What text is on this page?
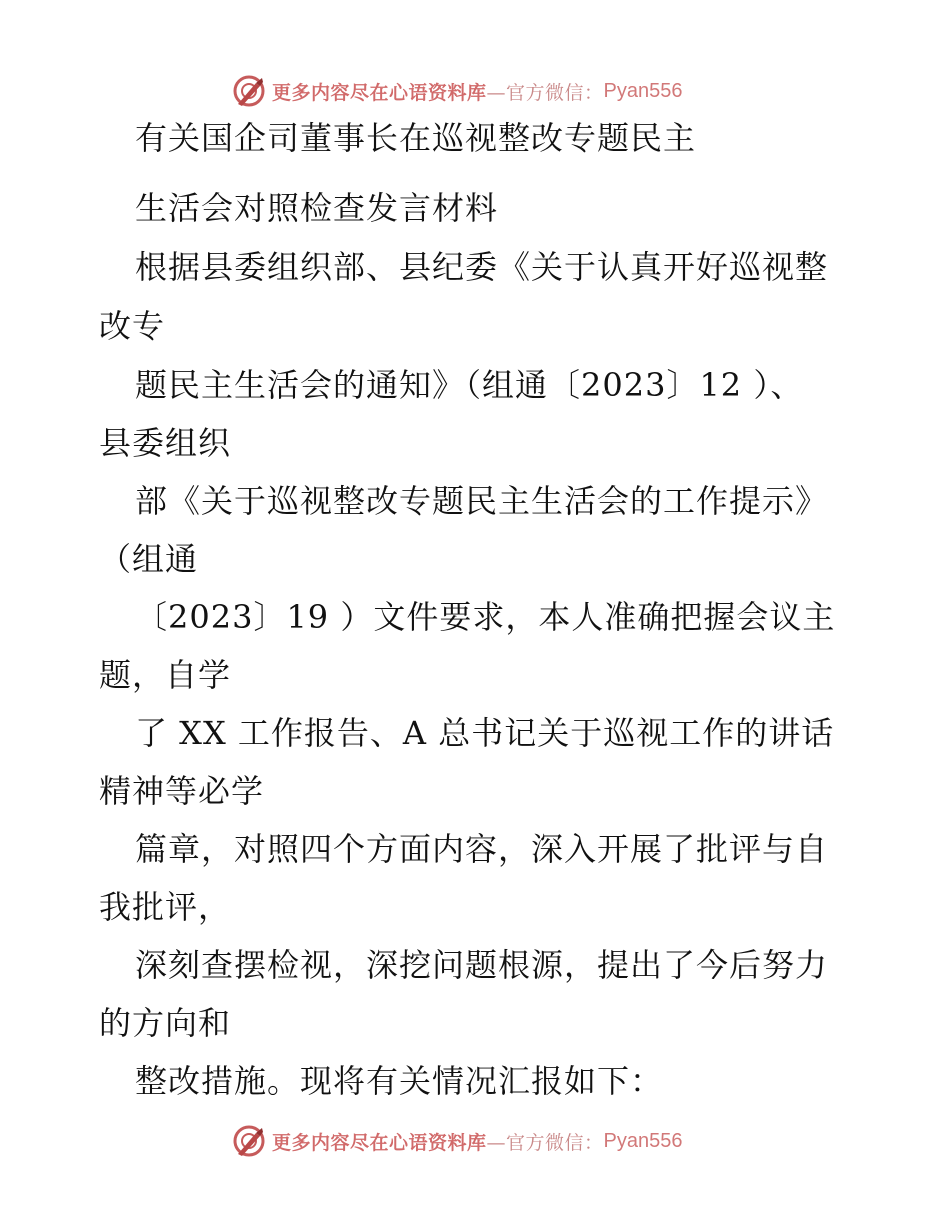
更多内容尽在心语资料库 —官方微信： Pyan556
有关国企司董事长在巡视整改专题民主
生活会对照检查发言材料
根据县委组织部、县纪委《关于认真开好巡视整
改专
题民主生活会的通知》（组通〔2023〕12 ）、
县委组织
部《关于巡视整改专题民主生活会的工作提示》
（组通
〔2023〕19 ）文件要求，本人准确把握会议主
题，自学
了 XX 工作报告、A 总书记关于巡视工作的讲话
精神等必学
篇章，对照四个方面内容，深入开展了批评与自
我批评，
深刻查摆检视，深挖问题根源，提出了今后努力
的方向和
整改措施。现将有关情况汇报如下：
更多内容尽在心语资料库 —官方微信： Pyan556
